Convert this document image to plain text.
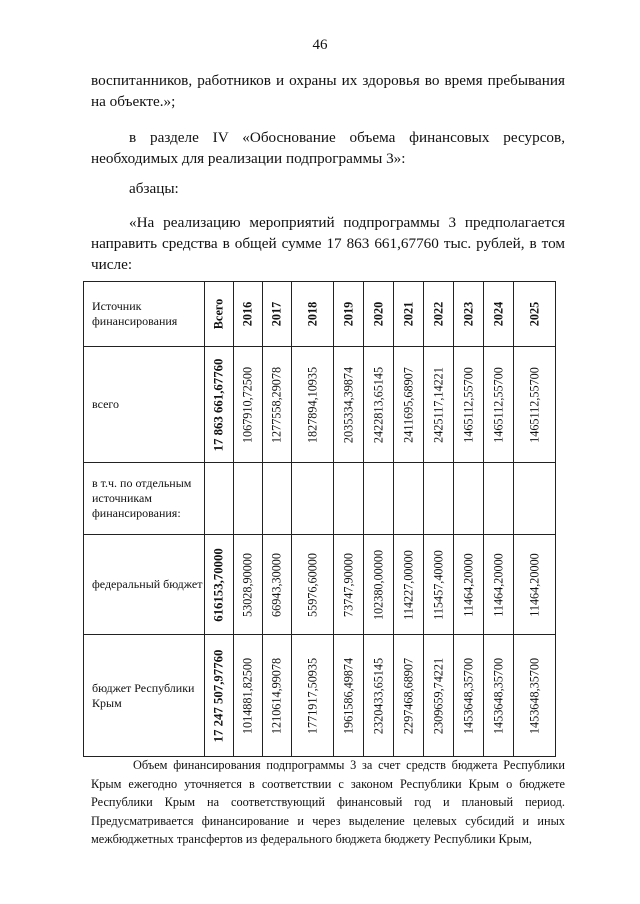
46
воспитанников, работников и охраны их здоровья во время пребывания
на объекте.»;

в разделе IV «Обоснование объема финансовых ресурсов, необходимых для реализации подпрограммы 3»:

абзацы:

«На реализацию мероприятий подпрограммы 3 предполагается направить средства в общей сумме 17 863 661,67760 тыс. рублей, в том числе:

Источник финансирования	Всего	2016	2017	2018	2019	2020	2021	2022	2023	2024	2025

всего	17 863 661,67760	1067910,72500	1277558,29078	1827894,10935	2035334,39874	2422813,65145	2411695,68907	2425117,14221	1465112,55700	1465112,55700	1465112,55700

в т.ч. по отдельным источникам финансирования:	

федеральный бюджет	616153,70000	53028,90000	66943,30000	55976,60000	73747,90000	102380,00000	114227,00000	115457,40000	11464,20000	11464,20000	11464,20000

бюджет Республики Крым	17 247 507,97760	1014881,82500	1210614,99078	1771917,50935	1961586,49874	2320433,65145	2297468,68907	2309659,74221	1453648,35700	1453648,35700	1453648,35700

Объем финансирования подпрограммы 3 за счет средств бюджета Республики Крым ежегодно уточняется в соответствии с законом Республики Крым о бюджете Республики Крым на соответствующий финансовый год и плановый период. Предусматривается финансирование и через выделение целевых субсидий и иных межбюджетных трансфертов из федерального бюджета бюджету Республики Крым,
